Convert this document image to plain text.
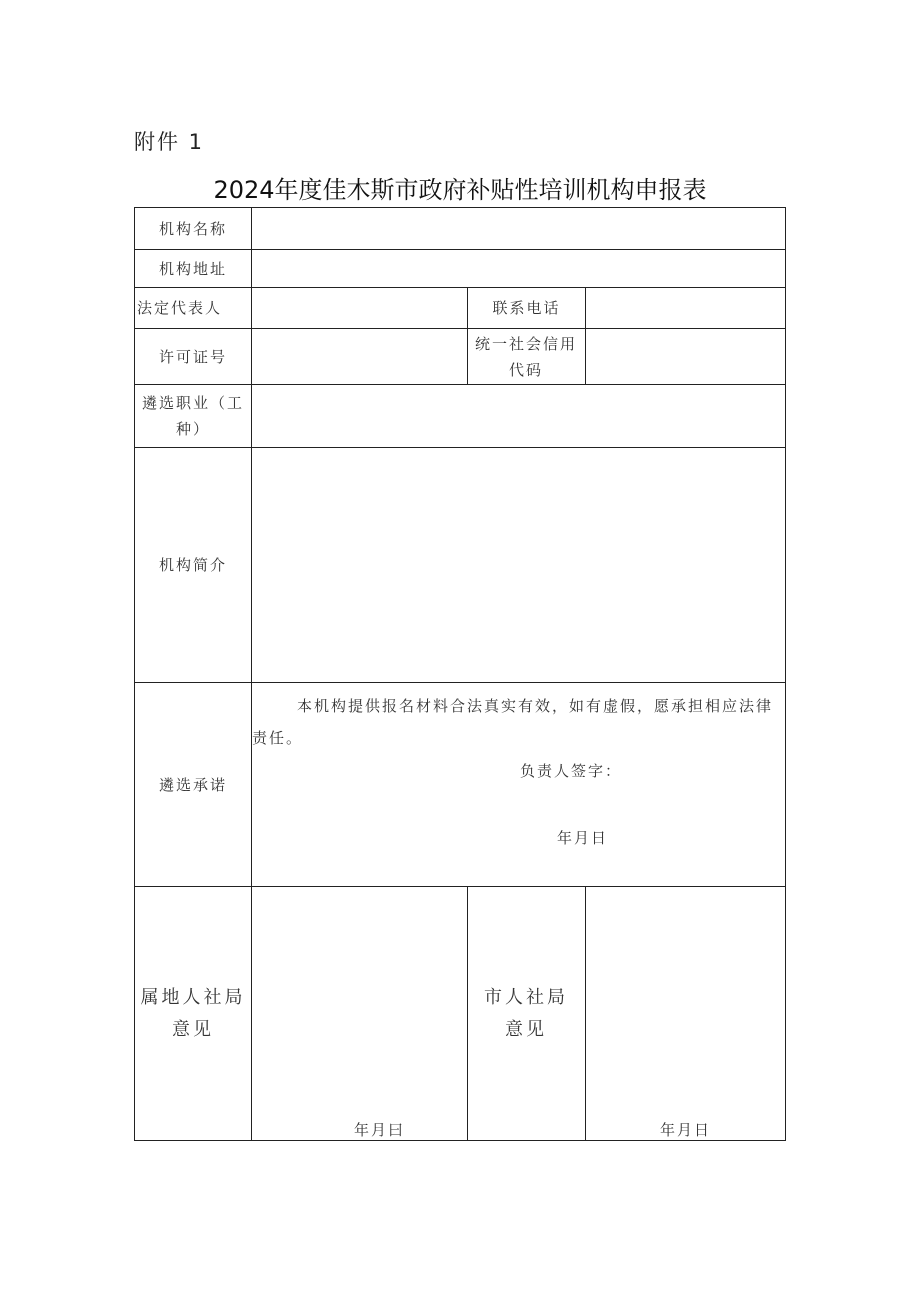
附件 1
2024年度佳木斯市政府补贴性培训机构申报表
机构名称
机构地址
法定代表人	联系电话
许可证号
统一社会信用代码
遴选职业（工种）
机构简介
遴选承诺
本机构提供报名材料合法真实有效，如有虚假，愿承担相应法律责任。
负责人签字：
年月日
属地人社局意见
年月曰
市人社局意见
年月日
